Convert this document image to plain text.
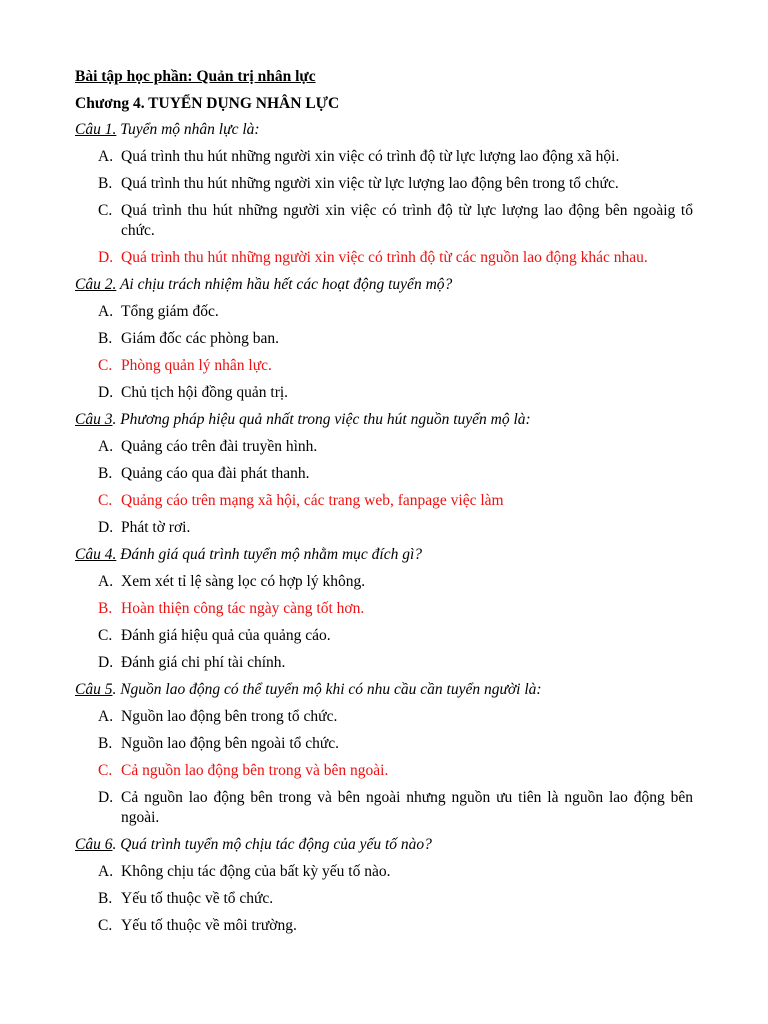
Bài tập học phần: Quản trị nhân lực
Chương 4. TUYỂN DỤNG NHÂN LỰC
Câu 1. Tuyển mộ nhân lực là:
A. Quá trình thu hút những người xin việc có trình độ từ lực lượng lao động xã hội.
B. Quá trình thu hút những người xin việc từ lực lượng lao động bên trong tổ chức.
C. Quá trình thu hút những người xin việc có trình độ từ lực lượng lao động bên ngoàig tổ chức.
D. Quá trình thu hút những người xin việc có trình độ từ các nguồn lao động khác nhau.
Câu 2. Ai chịu trách nhiệm hầu hết các hoạt động tuyển mộ?
A. Tổng giám đốc.
B. Giám đốc các phòng ban.
C. Phòng quản lý nhân lực.
D. Chủ tịch hội đồng quản trị.
Câu 3. Phương pháp hiệu quả nhất trong việc thu hút nguồn tuyển mộ là:
A. Quảng cáo trên đài truyền hình.
B. Quảng cáo qua đài phát thanh.
C. Quảng cáo trên mạng xã hội, các trang web, fanpage việc làm
D. Phát tờ rơi.
Câu 4. Đánh giá quá trình tuyển mộ nhằm mục đích gì?
A. Xem xét tỉ lệ sàng lọc có hợp lý không.
B. Hoàn thiện công tác ngày càng tốt hơn.
C. Đánh giá hiệu quả của quảng cáo.
D. Đánh giá chi phí tài chính.
Câu 5. Nguồn lao động có thể tuyển mộ khi có nhu cầu cần tuyển người là:
A. Nguồn lao động bên trong tổ chức.
B. Nguồn lao động bên ngoài tổ chức.
C. Cả nguồn lao động bên trong và bên ngoài.
D. Cả nguồn lao động bên trong và bên ngoài nhưng nguồn ưu tiên là nguồn lao động bên ngoài.
Câu 6. Quá trình tuyển mộ chịu tác động của yếu tố nào?
A. Không chịu tác động của bất kỳ yếu tố nào.
B. Yếu tố thuộc về tổ chức.
C. Yếu tố thuộc về môi trường.
